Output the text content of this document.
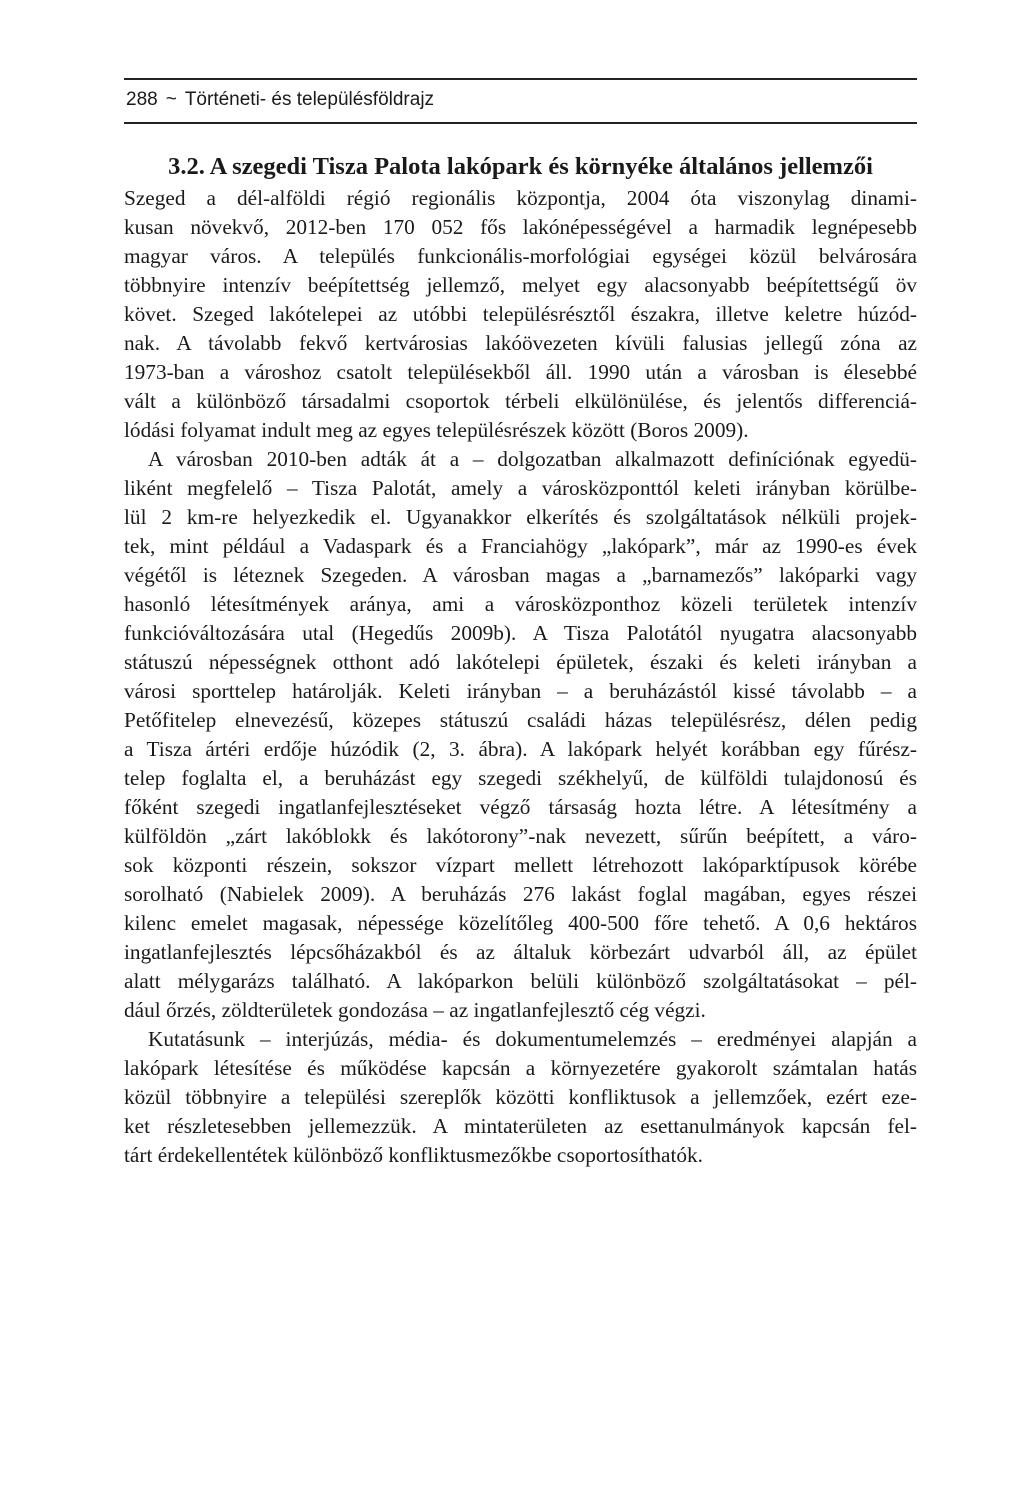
288 ~ Történeti- és településföldrajz
3.2. A szegedi Tisza Palota lakópark és környéke általános jellemzői

Szeged a dél-alföldi régió regionális központja, 2004 óta viszonylag dinami-
kusan növekvő, 2012-ben 170 052 fős lakónépességével a harmadik legnépesebb
magyar város. A település funkcionális-morfológiai egységei közül belvárosára
többnyire intenzív beépítettség jellemző, melyet egy alacsonyabb beépítettségű öv
követ. Szeged lakótelepei az utóbbi településrésztől északra, illetve keletre húzód-
nak. A távolabb fekvő kertvárosias lakóövezeten kívüli falusias jellegű zóna az
1973-ban a városhoz csatolt településekből áll. 1990 után a városban is élesebbé
vált a különböző társadalmi csoportok térbeli elkülönülése, és jelentős differenciá-
lódási folyamat indult meg az egyes településrészek között (Boros 2009).

A városban 2010-ben adták át a – dolgozatban alkalmazott definíciónak egyedü-
liként megfelelő – Tisza Palotát, amely a városközponttól keleti irányban körülbe-
lül 2 km-re helyezkedik el. Ugyanakkor elkerítés és szolgáltatások nélküli projek-
tek, mint például a Vadaspark és a Franciahögy „lakópark”, már az 1990-es évek
végétől is léteznek Szegeden. A városban magas a „barnamezős” lakóparki vagy
hasonló létesítmények aránya, ami a városközponthoz közeli területek intenzív
funkcióváltozására utal (Hegedűs 2009b). A Tisza Palotától nyugatra alacsonyabb
státuszú népességnek otthont adó lakótelepi épületek, északi és keleti irányban a
városi sporttelep határolják. Keleti irányban – a beruházástól kissé távolabb – a
Petőfitelep elnevezésű, közepes státuszú családi házas településrész, délen pedig
a Tisza ártéri erdője húzódik (2, 3. ábra). A lakópark helyét korábban egy fűrész-
telep foglalta el, a beruházást egy szegedi székhelyű, de külföldi tulajdonosú és
főként szegedi ingatlanfejlesztéseket végző társaság hozta létre. A létesítmény a
külföldön „zárt lakóblokk és lakótorony”-nak nevezett, sűrűn beépített, a váro-
sok központi részein, sokszor vízpart mellett létrehozott lakóparktípusok körébe
sorolható (Nabielek 2009). A beruházás 276 lakást foglal magában, egyes részei
kilenc emelet magasak, népessége közelítőleg 400-500 főre tehető. A 0,6 hektáros
ingatlanfejlesztés lépcsőházakból és az általuk körbezárt udvarból áll, az épület
alatt mélygarázs található. A lakóparkon belüli különböző szolgáltatásokat – pél-
dául őrzés, zöldterületek gondozása – az ingatlanfejlesztő cég végzi.

Kutatásunk – interjúzás, média- és dokumentumelemzés – eredményei alapján a
lakópark létesítése és működése kapcsán a környezetére gyakorolt számtalan hatás
közül többnyire a települési szereplők közötti konfliktusok a jellemzőek, ezért eze-
ket részletesebben jellemezzük. A mintaterületen az esettanulmányok kapcsán fel-
tárt érdekellentétek különböző konfliktusmezőkbe csoportosíthatók.
